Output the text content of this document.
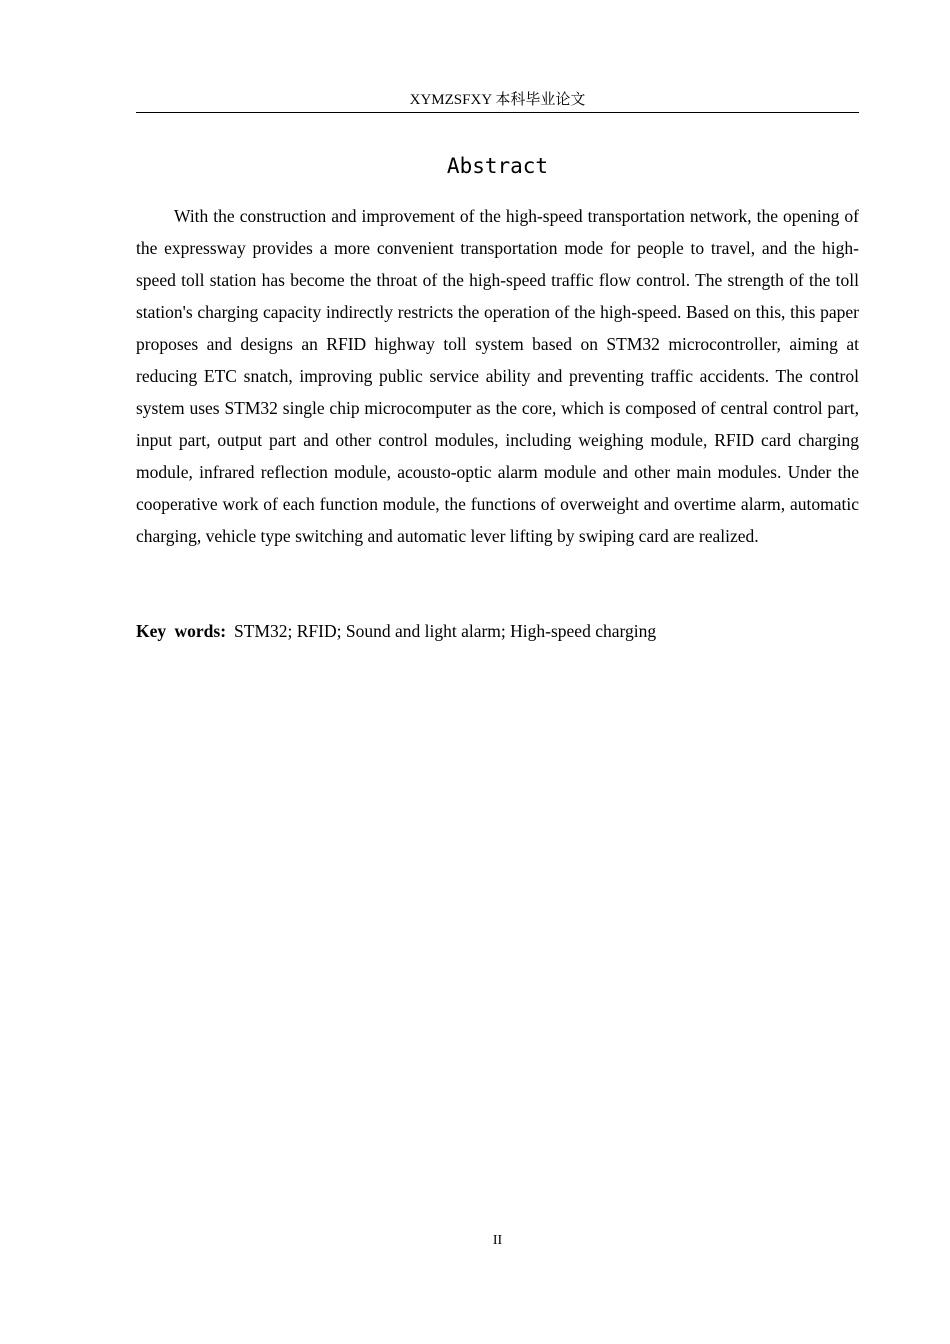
XYMZSFXY 本科毕业论文
Abstract

With the construction and improvement of the high-speed transportation network, the opening of the expressway provides a more convenient transportation mode for people to travel, and the high-speed toll station has become the throat of the high-speed traffic flow control. The strength of the toll station's charging capacity indirectly restricts the operation of the high-speed. Based on this, this paper proposes and designs an RFID highway toll system based on STM32 microcontroller, aiming at reducing ETC snatch, improving public service ability and preventing traffic accidents. The control system uses STM32 single chip microcomputer as the core, which is composed of central control part, input part, output part and other control modules, including weighing module, RFID card charging module, infrared reflection module, acousto-optic alarm module and other main modules. Under the cooperative work of each function module, the functions of overweight and overtime alarm, automatic charging, vehicle type switching and automatic lever lifting by swiping card are realized.

Key words: STM32; RFID; Sound and light alarm; High-speed charging

II
